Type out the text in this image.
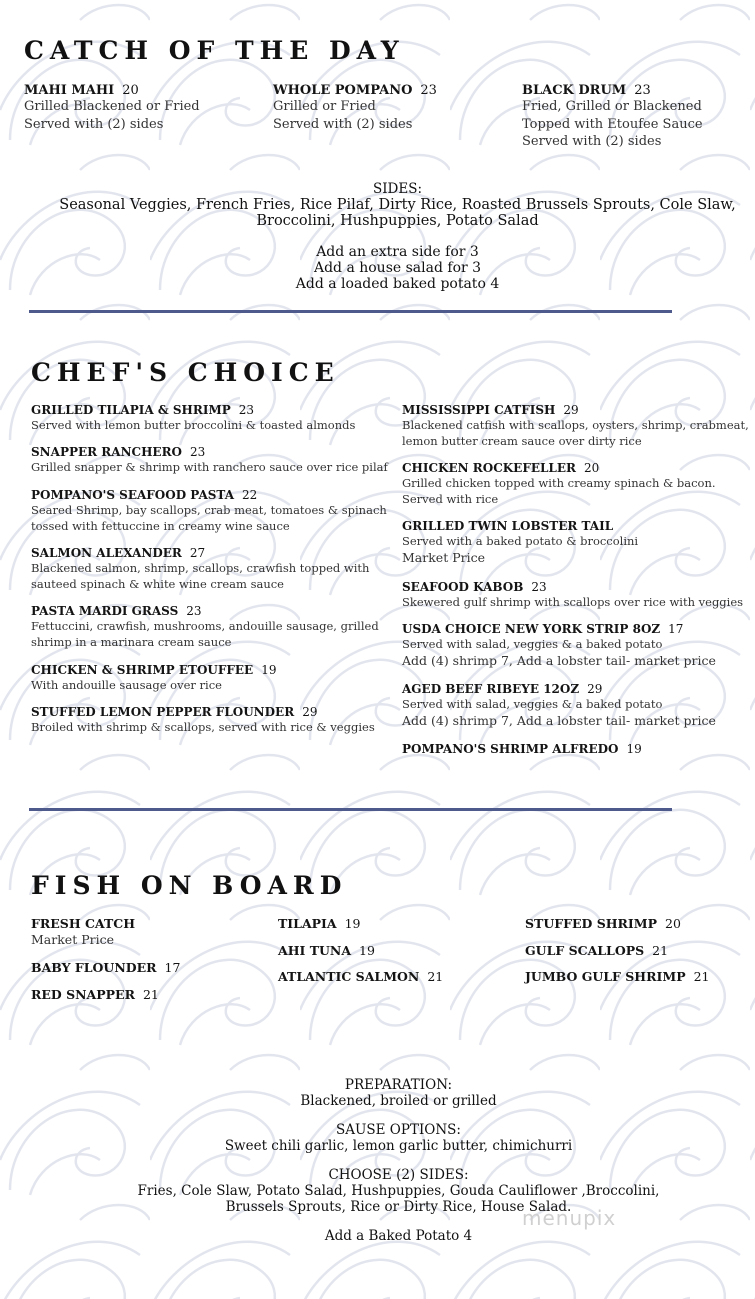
CATCH OF THE DAY
MAHI MAHI 20
Grilled Blackened or Fried
Served with (2) sides
WHOLE POMPANO 23
Grilled or Fried
Served with (2) sides
BLACK DRUM 23
Fried, Grilled or Blackened
Topped with Etoufee Sauce
Served with (2) sides
SIDES:
Seasonal Veggies, French Fries, Rice Pilaf, Dirty Rice, Roasted Brussels Sprouts, Cole Slaw,
Broccolini, Hushpuppies, Potato Salad
Add an extra side for 3
Add a house salad for 3
Add a loaded baked potato 4
CHEF'S CHOICE
GRILLED TILAPIA & SHRIMP 23
Served with lemon butter broccolini & toasted almonds
SNAPPER RANCHERO 23
Grilled snapper & shrimp with ranchero sauce over rice pilaf
POMPANO'S SEAFOOD PASTA 22
Seared Shrimp, bay scallops, crab meat, tomatoes & spinach
tossed with fettuccine in creamy wine sauce
SALMON ALEXANDER 27
Blackened salmon, shrimp, scallops, crawfish topped with
sauteed spinach & white wine cream sauce
PASTA MARDI GRASS 23
Fettuccini, crawfish, mushrooms, andouille sausage, grilled
shrimp in a marinara cream sauce
CHICKEN & SHRIMP ETOUFFEE 19
With andouille sausage over rice
STUFFED LEMON PEPPER FLOUNDER 29
Broiled with shrimp & scallops, served with rice & veggies
MISSISSIPPI CATFISH 29
Blackened catfish with scallops, oysters, shrimp, crabmeat,
lemon butter cream sauce over dirty rice
CHICKEN ROCKEFELLER 20
Grilled chicken topped with creamy spinach & bacon.
Served with rice
GRILLED TWIN LOBSTER TAIL
Served with a baked potato & broccolini
Market Price
SEAFOOD KABOB 23
Skewered gulf shrimp with scallops over rice with veggies
USDA CHOICE NEW YORK STRIP 8OZ 17
Served with salad, veggies & a baked potato
Add (4) shrimp 7, Add a lobster tail- market price
AGED BEEF RIBEYE 12OZ 29
Served with salad, veggies & a baked potato
Add (4) shrimp 7, Add a lobster tail- market price
POMPANO'S SHRIMP ALFREDO 19
FISH ON BOARD
FRESH CATCH
Market Price
BABY FLOUNDER 17
RED SNAPPER 21
TILAPIA 19
AHI TUNA 19
ATLANTIC SALMON 21
STUFFED SHRIMP 20
GULF SCALLOPS 21
JUMBO GULF SHRIMP 21
PREPARATION:
Blackened, broiled or grilled
SAUSE OPTIONS:
Sweet chili garlic, lemon garlic butter, chimichurri
CHOOSE (2) SIDES:
Fries, Cole Slaw, Potato Salad, Hushpuppies, Gouda Cauliflower ,Broccolini,
Brussels Sprouts, Rice or Dirty Rice, House Salad.
Add a Baked Potato 4
menupix
